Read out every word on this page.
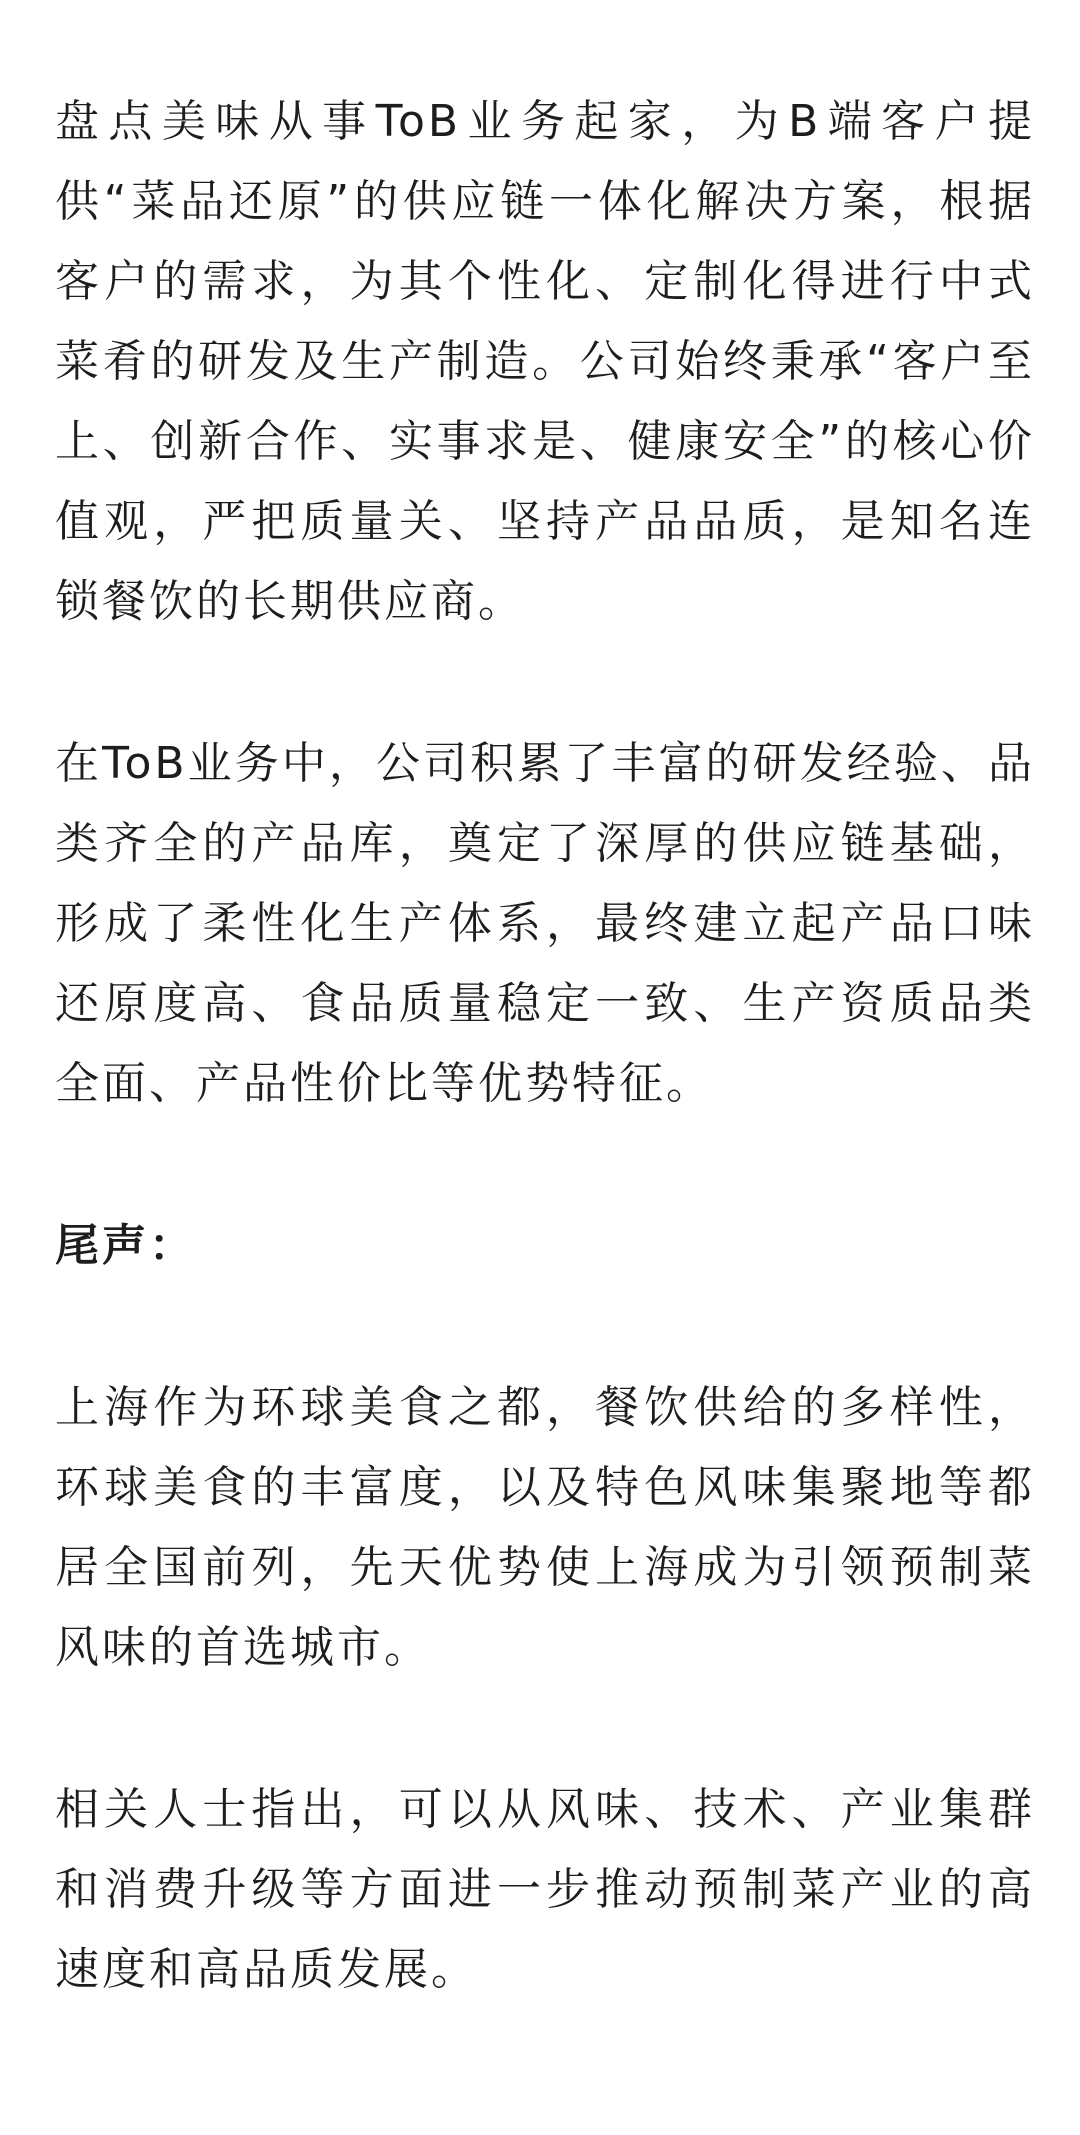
盘点美味从事ToB业务起家，为B端客户提供“菜品还原”的供应链一体化解决方案，根据客户的需求，为其个性化、定制化得进行中式菜肴的研发及生产制造。公司始终秉承“客户至上、创新合作、实事求是、健康安全”的核心价值观，严把质量关、坚持产品品质，是知名连锁餐饮的长期供应商。

在ToB业务中，公司积累了丰富的研发经验、品类齐全的产品库，奠定了深厚的供应链基础，形成了柔性化生产体系，最终建立起产品口味还原度高、食品质量稳定一致、生产资质品类全面、产品性价比等优势特征。

尾声：

上海作为环球美食之都，餐饮供给的多样性，环球美食的丰富度，以及特色风味集聚地等都居全国前列，先天优势使上海成为引领预制菜风味的首选城市。

相关人士指出，可以从风味、技术、产业集群和消费升级等方面进一步推动预制菜产业的高速度和高品质发展。
